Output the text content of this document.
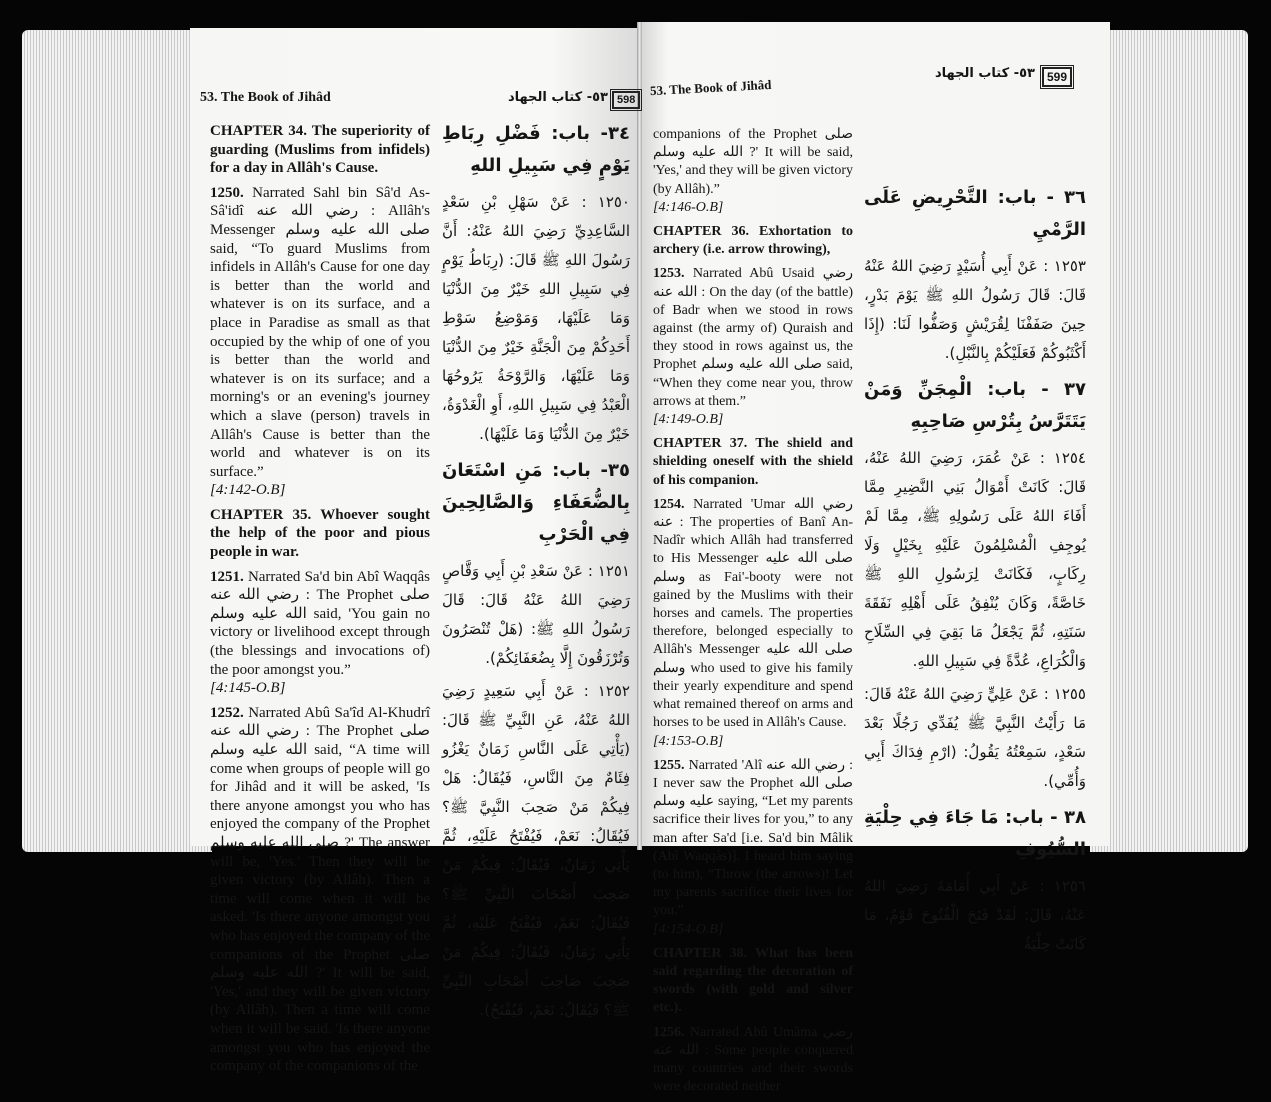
53. The Book of Jihâd	٥٣- كتاب الجهاد 598
53. The Book of Jihâd
٥٣- كتاب الجهاد	599

CHAPTER 34. The superiority of guarding (Muslims from infidels) for a day in Allâh's Cause.

1250. Narrated Sahl bin Sâ'd As-Sâ'idî رضي الله عنه : Allâh's Messenger صلى الله عليه وسلم said, “To guard Muslims from infidels in Allâh's Cause for one day is better than the world and whatever is on its surface, and a place in Paradise as small as that occupied by the whip of one of you is better than the world and whatever is on its surface; and a morning's or an evening's journey which a slave (person) travels in Allâh's Cause is better than the world and whatever is on its surface.”
[4:142-O.B]

CHAPTER 35. Whoever sought the help of the poor and pious people in war.

1251. Narrated Sa'd bin Abî Waqqâs رضي الله عنه : The Prophet صلى الله عليه وسلم said, 'You gain no victory or livelihood except through (the blessings and invocations of) the poor amongst you.”
[4:145-O.B]

1252. Narrated Abû Sa'îd Al-Khudrî رضي الله عنه : The Prophet صلى الله عليه وسلم said, “A time will come when groups of people will go for Jihâd and it will be asked, 'Is there anyone amongst you who has enjoyed the company of the Prophet صلى الله عليه وسلم ?' The answer will be, 'Yes.' Then they will be given victory (by Allâh). Then a time will come when it will be asked. 'Is there anyone amongst you who has enjoyed the company of the companions of the Prophet صلى الله عليه وسلم ?' It will be said, 'Yes,' and they will be given victory (by Allâh). Then a time will come when it will be said. 'Is there anyone amongst you who has enjoyed the company of the companions of the

٣٤- باب: فَضْلِ رِبَاطِ يَوْمٍ فِي سَبِيلِ اللهِ

١٢٥٠ : عَنْ سَهْلِ بْنِ سَعْدٍ السَّاعِدِيِّ رَضِيَ اللهُ عَنْهُ: أَنَّ رَسُولَ اللهِ ﷺ قَالَ: (رِبَاطُ يَوْمٍ فِي سَبِيلِ اللهِ خَيْرٌ مِنَ الدُّنْيَا وَمَا عَلَيْهَا، وَمَوْضِعُ سَوْطِ أَحَدِكُمْ مِنَ الْجَنَّةِ خَيْرٌ مِنَ الدُّنْيَا وَمَا عَلَيْهَا، وَالرَّوْحَةُ يَرُوحُهَا الْعَبْدُ فِي سَبِيلِ اللهِ، أَوِ الْغَدْوَةُ، خَيْرٌ مِنَ الدُّنْيَا وَمَا عَلَيْهَا).

٣٥- باب: مَنِ اسْتَعَانَ بِالضُّعَفَاءِ وَالصَّالِحِينَ فِي الْحَرْبِ

١٢٥١ : عَنْ سَعْدِ بْنِ أَبِي وَقَّاصٍ رَضِيَ اللهُ عَنْهُ قَالَ: قَالَ رَسُولُ اللهِ ﷺ: (هَلْ تُنْصَرُونَ وَتُرْزَقُونَ إِلَّا بِضُعَفَائِكُمْ).

١٢٥٢ : عَنْ أَبِي سَعِيدٍ رَضِيَ اللهُ عَنْهُ، عَنِ النَّبِيِّ ﷺ قَالَ: (يَأْتِي عَلَى النَّاسِ زَمَانٌ يَغْزُو فِئَامٌ مِنَ النَّاسِ، فَيُقَالُ: هَلْ فِيكُمْ مَنْ صَحِبَ النَّبِيَّ ﷺ؟ فَيُقَالُ: نَعَمْ، فَيُفْتَحُ عَلَيْهِ، ثُمَّ يَأْتِي زَمَانٌ، فَيُقَالُ: فِيكُمْ مَنْ صَحِبَ أَصْحَابَ النَّبِيِّ ﷺ؟ فَيُقَالُ: نَعَمْ، فَيُفْتَحُ عَلَيْهِ، ثُمَّ يَأْتِي زَمَانٌ، فَيُقَالُ: فِيكُمْ مَنْ صَحِبَ صَاحِبَ أَصْحَابِ النَّبِيِّ ﷺ؟ فَيُقَالُ: نَعَمْ، فَيُفْتَحُ).

companions of the Prophet صلى الله عليه وسلم ?' It will be said, 'Yes,' and they will be given victory (by Allâh).”
[4:146-O.B]

CHAPTER 36. Exhortation to archery (i.e. arrow throwing),

1253. Narrated Abû Usaid رضي الله عنه : On the day (of the battle) of Badr when we stood in rows against (the army of) Quraish and they stood in rows against us, the Prophet صلى الله عليه وسلم said, “When they come near you, throw arrows at them.”
[4:149-O.B]

CHAPTER 37. The shield and shielding oneself with the shield of his companion.

1254. Narrated 'Umar رضي الله عنه : The properties of Banî An-Nadîr which Allâh had transferred to His Messenger صلى الله عليه وسلم as Fai'-booty were not gained by the Muslims with their horses and camels. The properties therefore, belonged especially to Allâh's Messenger صلى الله عليه وسلم who used to give his family their yearly expenditure and spend what remained thereof on arms and horses to be used in Allâh's Cause.
[4:153-O.B]

1255. Narrated 'Alî رضي الله عنه : I never saw the Prophet صلى الله عليه وسلم saying, “Let my parents sacrifice their lives for you,” to any man after Sa'd [i.e. Sa'd bin Mâlik (Abî Waqqâs)]. I heard him saying (to him), “Throw (the arrows)! Let my parents sacrifice their lives for you.”
[4:154-O.B]

CHAPTER 38. What has been said regarding the decoration of swords (with gold and silver etc.).

1256. Narrated Abû Umâma رضي الله عنه : Some people conquered many countries and their swords were decorated neither

٣٦ - باب: التَّحْرِيضِ عَلَى الرَّمْيِ

١٢٥٣ : عَنْ أَبِي أُسَيْدٍ رَضِيَ اللهُ عَنْهُ قَالَ: قَالَ رَسُولُ اللهِ ﷺ يَوْمَ بَدْرٍ، حِينَ صَفَفْنَا لِقُرَيْشٍ وَصَفُّوا لَنَا: (إِذَا أَكْثَبُوكُمْ فَعَلَيْكُمْ بِالنَّبْلِ).

٣٧ - باب: الْمِجَنِّ وَمَنْ يَتَتَرَّسُ بِتُرْسِ صَاحِبِهِ

١٢٥٤ : عَنْ عُمَرَ، رَضِيَ اللهُ عَنْهُ، قَالَ: كَانَتْ أَمْوَالُ بَنِي النَّضِيرِ مِمَّا أَفَاءَ اللهُ عَلَى رَسُولِهِ ﷺ، مِمَّا لَمْ يُوجِفِ الْمُسْلِمُونَ عَلَيْهِ بِخَيْلٍ وَلَا رِكَابٍ، فَكَانَتْ لِرَسُولِ اللهِ ﷺ خَاصَّةً، وَكَانَ يُنْفِقُ عَلَى أَهْلِهِ نَفَقَةَ سَنَتِهِ، ثُمَّ يَجْعَلُ مَا بَقِيَ فِي السِّلَاحِ وَالْكُرَاعِ، عُدَّةً فِي سَبِيلِ اللهِ.

١٢٥٥ : عَنْ عَلِيٍّ رَضِيَ اللهُ عَنْهُ قَالَ: مَا رَأَيْتُ النَّبِيَّ ﷺ يُفَدِّي رَجُلًا بَعْدَ سَعْدٍ، سَمِعْتُهُ يَقُولُ: (ارْمِ فِدَاكَ أَبِي وَأُمِّي).

٣٨ - باب: مَا جَاءَ فِي حِلْيَةِ السُّيُوفِ

١٢٥٦ : عَنْ أَبِي أُمَامَةَ رَضِيَ اللهُ عَنْهُ، قَالَ: لَقَدْ فَتَحَ الْفُتُوحَ قَوْمٌ، مَا كَانَتْ حِلْيَةُ
